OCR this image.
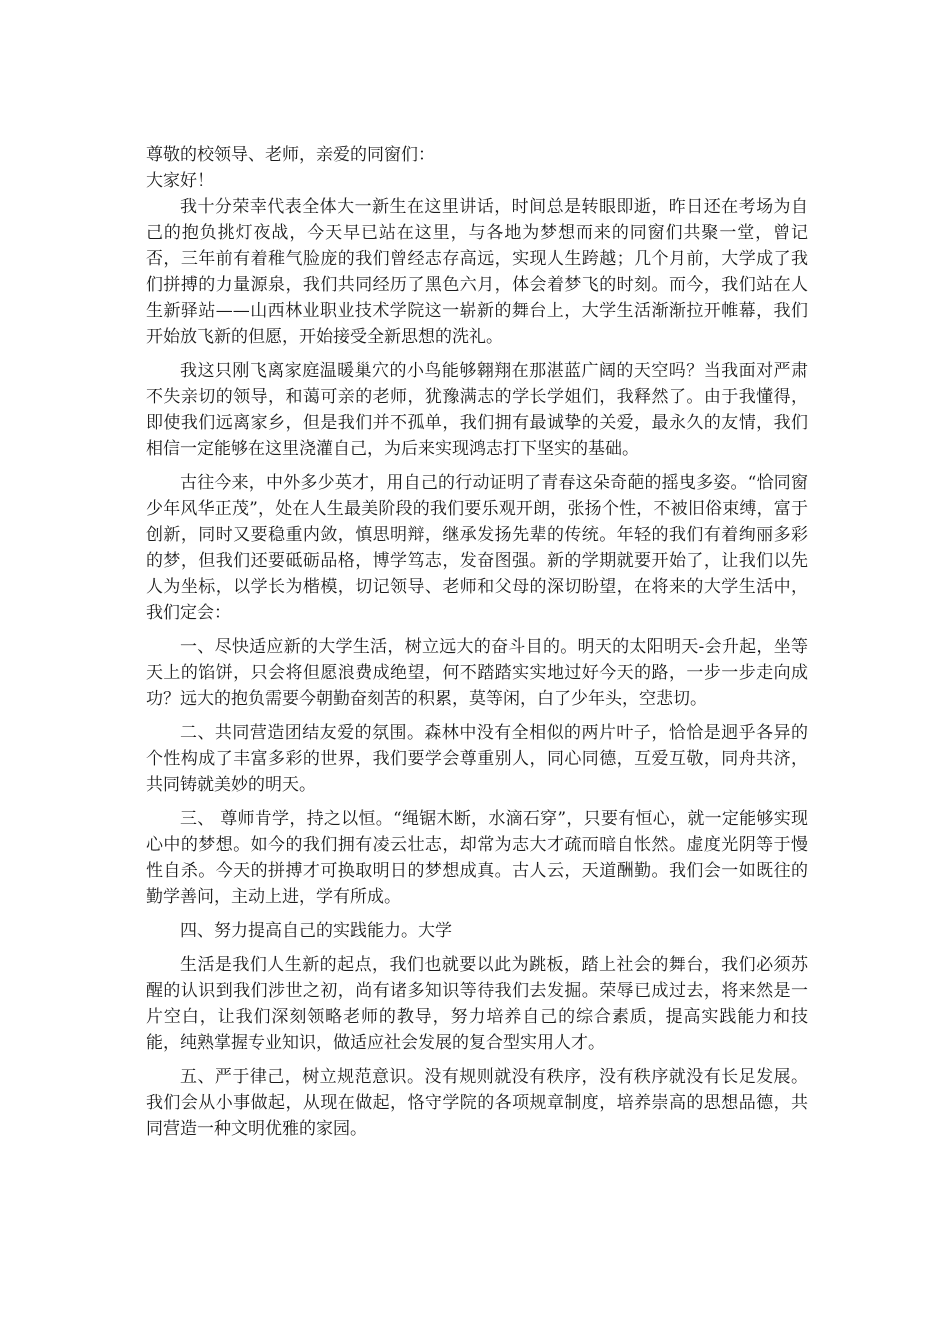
尊敬的校领导、老师，亲爱的同窗们：

大家好！

我十分荣幸代表全体大一新生在这里讲话，时间总是转眼即逝，昨日还在考场为自己的抱负挑灯夜战，今天早已站在这里，与各地为梦想而来的同窗们共聚一堂，曾记否，三年前有着稚气脸庞的我们曾经志存高远，实现人生跨越；几个月前，大学成了我们拼搏的力量源泉，我们共同经历了黑色六月，体会着梦飞的时刻。而今，我们站在人生新驿站——山西林业职业技术学院这一崭新的舞台上，大学生活渐渐拉开帷幕，我们开始放飞新的但愿，开始接受全新思想的洗礼。

我这只刚飞离家庭温暖巢穴的小鸟能够翱翔在那湛蓝广阔的天空吗？当我面对严肃不失亲切的领导，和蔼可亲的老师，犹豫满志的学长学姐们，我释然了。由于我懂得，即使我们远离家乡，但是我们并不孤单，我们拥有最诚挚的关爱，最永久的友情，我们相信一定能够在这里浇灌自己，为后来实现鸿志打下坚实的基础。

古往今来，中外多少英才，用自己的行动证明了青春这朵奇葩的摇曳多姿。“恰同窗少年风华正茂”，处在人生最美阶段的我们要乐观开朗，张扬个性，不被旧俗束缚，富于创新，同时又要稳重内敛，慎思明辩，继承发扬先辈的传统。年轻的我们有着绚丽多彩的梦，但我们还要砥砺品格，博学笃志，发奋图强。新的学期就要开始了，让我们以先人为坐标，以学长为楷模，切记领导、老师和父母的深切盼望，在将来的大学生活中，我们定会：

一、尽快适应新的大学生活，树立远大的奋斗目的。明天的太阳明天-会升起，坐等天上的馅饼，只会将但愿浪费成绝望，何不踏踏实实地过好今天的路，一步一步走向成功？远大的抱负需要今朝勤奋刻苦的积累，莫等闲，白了少年头，空悲切。

二、共同营造团结友爱的氛围。森林中没有全相似的两片叶子，恰恰是迥乎各异的个性构成了丰富多彩的世界，我们要学会尊重别人，同心同德，互爱互敬，同舟共济，共同铸就美妙的明天。

三、 尊师肯学，持之以恒。“绳锯木断，水滴石穿”，只要有恒心，就一定能够实现心中的梦想。如今的我们拥有凌云壮志，却常为志大才疏而暗自怅然。虚度光阴等于慢性自杀。今天的拼搏才可换取明日的梦想成真。古人云，天道酬勤。我们会一如既往的勤学善问，主动上进，学有所成。

四、努力提高自己的实践能力。大学

生活是我们人生新的起点，我们也就要以此为跳板，踏上社会的舞台，我们必须苏醒的认识到我们涉世之初，尚有诸多知识等待我们去发掘。荣辱已成过去，将来然是一片空白，让我们深刻领略老师的教导，努力培养自己的综合素质，提高实践能力和技能，纯熟掌握专业知识，做适应社会发展的复合型实用人才。

五、严于律己，树立规范意识。没有规则就没有秩序，没有秩序就没有长足发展。我们会从小事做起，从现在做起，恪守学院的各项规章制度，培养崇高的思想品德，共同营造一种文明优雅的家园。
